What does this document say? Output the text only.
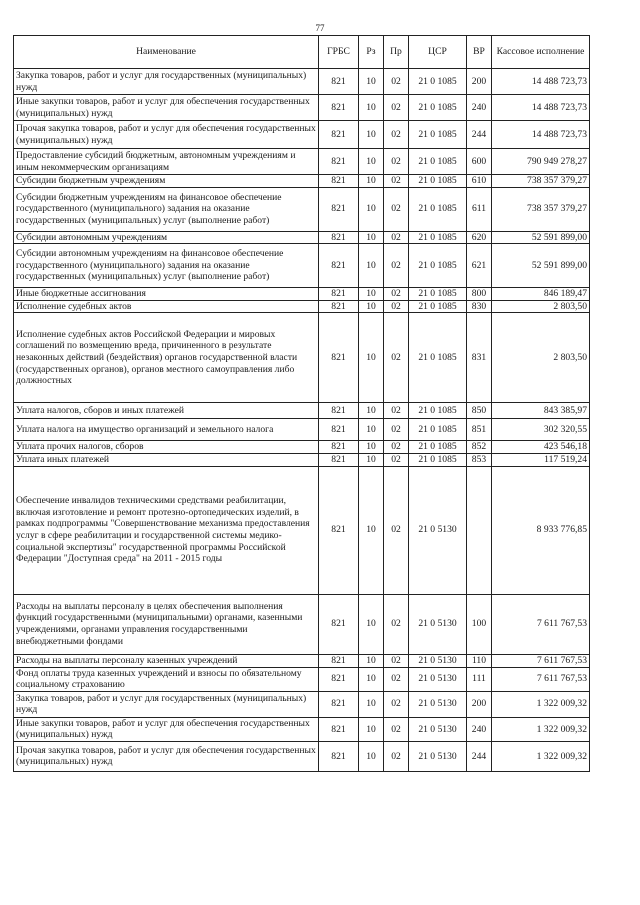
77
Наименование	ГРБС	Рз	Пр	ЦСР	ВР	Кассовое исполнение
Закупка товаров, работ и услуг для государственных (муниципальных) нужд	821	10	02	21 0 1085	200	14 488 723,73
Иные закупки товаров, работ и услуг для обеспечения государственных (муниципальных) нужд	821	10	02	21 0 1085	240	14 488 723,73
Прочая закупка товаров, работ и услуг для обеспечения государственных (муниципальных) нужд	821	10	02	21 0 1085	244	14 488 723,73
Предоставление субсидий бюджетным, автономным учреждениям и иным некоммерческим организациям	821	10	02	21 0 1085	600	790 949 278,27
Субсидии бюджетным учреждениям	821	10	02	21 0 1085	610	738 357 379,27
Субсидии бюджетным учреждениям на финансовое обеспечение государственного (муниципального) задания на оказание государственных (муниципальных) услуг (выполнение работ)	821	10	02	21 0 1085	611	738 357 379,27
Субсидии автономным учреждениям	821	10	02	21 0 1085	620	52 591 899,00
Субсидии автономным учреждениям на финансовое обеспечение государственного (муниципального) задания на оказание государственных (муниципальных) услуг (выполнение работ)	821	10	02	21 0 1085	621	52 591 899,00
Иные бюджетные ассигнования	821	10	02	21 0 1085	800	846 189,47
Исполнение судебных актов	821	10	02	21 0 1085	830	2 803,50
Исполнение судебных актов Российской Федерации и мировых соглашений по возмещению вреда, причиненного в результате незаконных действий (бездействия) органов государственной власти (государственных органов), органов местного самоуправления либо должностных	821	10	02	21 0 1085	831	2 803,50
Уплата налогов, сборов и иных платежей	821	10	02	21 0 1085	850	843 385,97
Уплата налога на имущество организаций и земельного налога	821	10	02	21 0 1085	851	302 320,55
Уплата прочих налогов, сборов	821	10	02	21 0 1085	852	423 546,18
Уплата иных платежей	821	10	02	21 0 1085	853	117 519,24
Обеспечение инвалидов техническими средствами реабилитации, включая изготовление и ремонт протезно-ортопедических изделий, в рамках подпрограммы "Совершенствование механизма предоставления услуг в сфере реабилитации и государственной системы медико-социальной экспертизы" государственной программы Российской Федерации "Доступная среда" на 2011 - 2015 годы	821	10	02	21 0 5130		8 933 776,85
Расходы на выплаты персоналу в целях обеспечения выполнения функций государственными (муниципальными) органами, казенными учреждениями, органами управления государственными внебюджетными фондами	821	10	02	21 0 5130	100	7 611 767,53
Расходы на выплаты персоналу казенных учреждений	821	10	02	21 0 5130	110	7 611 767,53
Фонд оплаты труда казенных учреждений и взносы по обязательному социальному страхованию	821	10	02	21 0 5130	111	7 611 767,53
Закупка товаров, работ и услуг для государственных (муниципальных) нужд	821	10	02	21 0 5130	200	1 322 009,32
Иные закупки товаров, работ и услуг для обеспечения государственных (муниципальных) нужд	821	10	02	21 0 5130	240	1 322 009,32
Прочая закупка товаров, работ и услуг для обеспечения государственных (муниципальных) нужд	821	10	02	21 0 5130	244	1 322 009,32
